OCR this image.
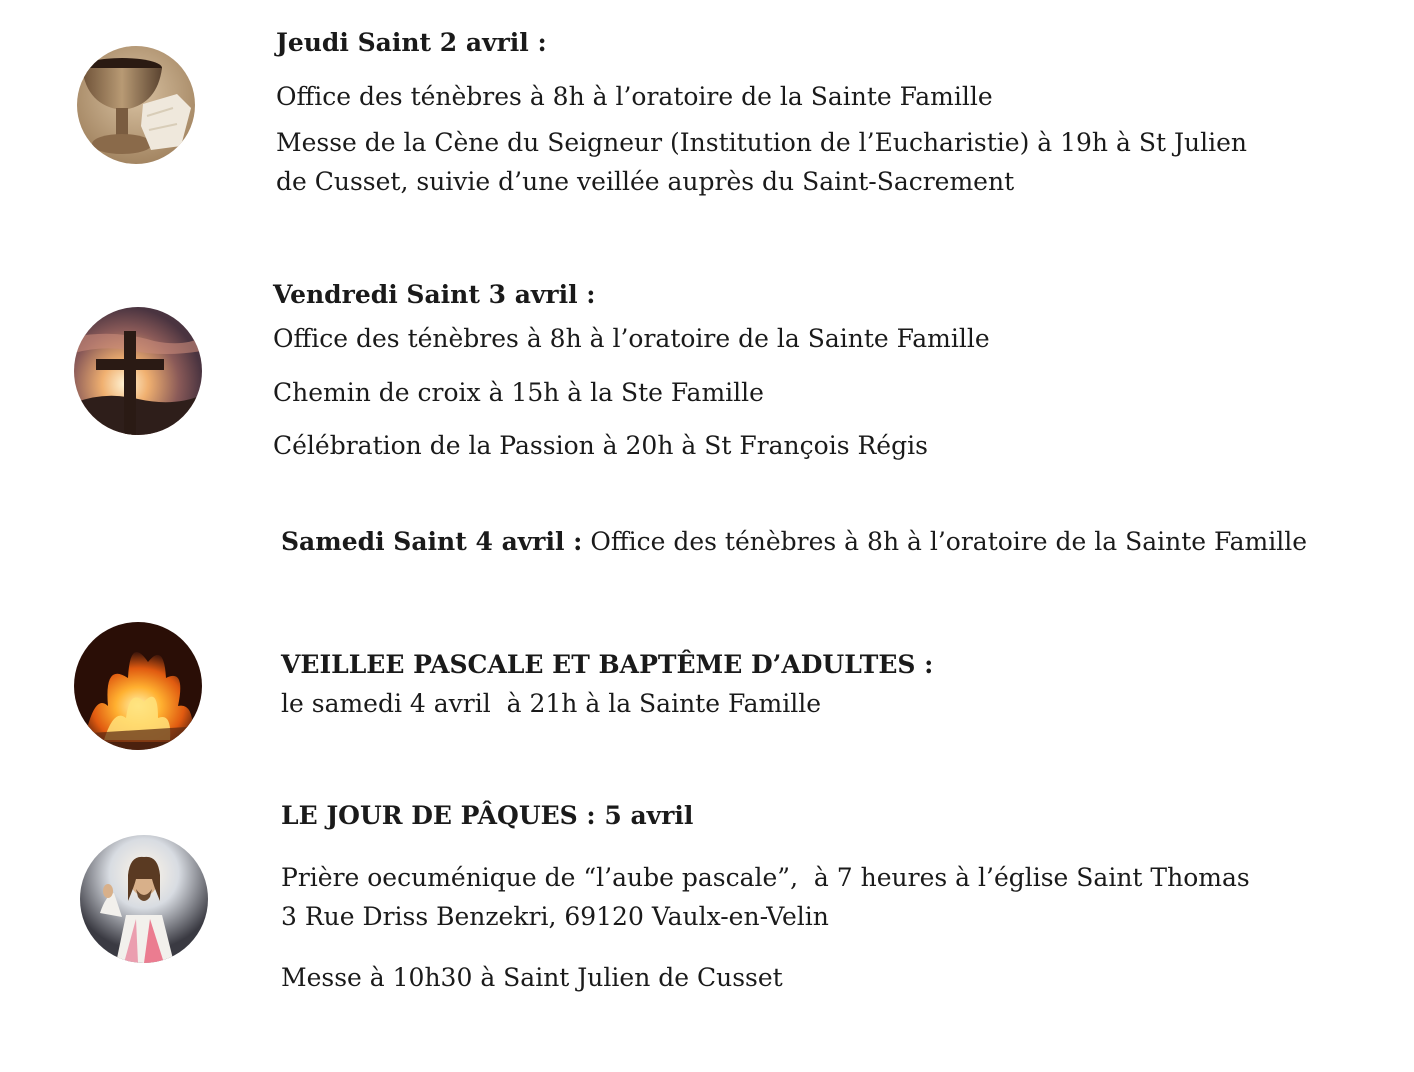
Jeudi Saint 2 avril :
Office des ténèbres à 8h à l’oratoire de la Sainte Famille
Messe de la Cène du Seigneur (Institution de l’Eucharistie) à 19h à St Julien
de Cusset, suivie d’une veillée auprès du Saint-Sacrement
Vendredi Saint 3 avril :
Office des ténèbres à 8h à l’oratoire de la Sainte Famille
Chemin de croix à 15h à la Ste Famille
Célébration de la Passion à 20h à St François Régis
Samedi Saint 4 avril : Office des ténèbres à 8h à l’oratoire de la Sainte Famille
VEILLEE PASCALE ET BAPTÊME D’ADULTES :
le samedi 4 avril  à 21h à la Sainte Famille
LE JOUR DE PÂQUES : 5 avril
Prière oecuménique de “l’aube pascale”,  à 7 heures à l’église Saint Thomas
3 Rue Driss Benzekri, 69120 Vaulx-en-Velin
Messe à 10h30 à Saint Julien de Cusset
